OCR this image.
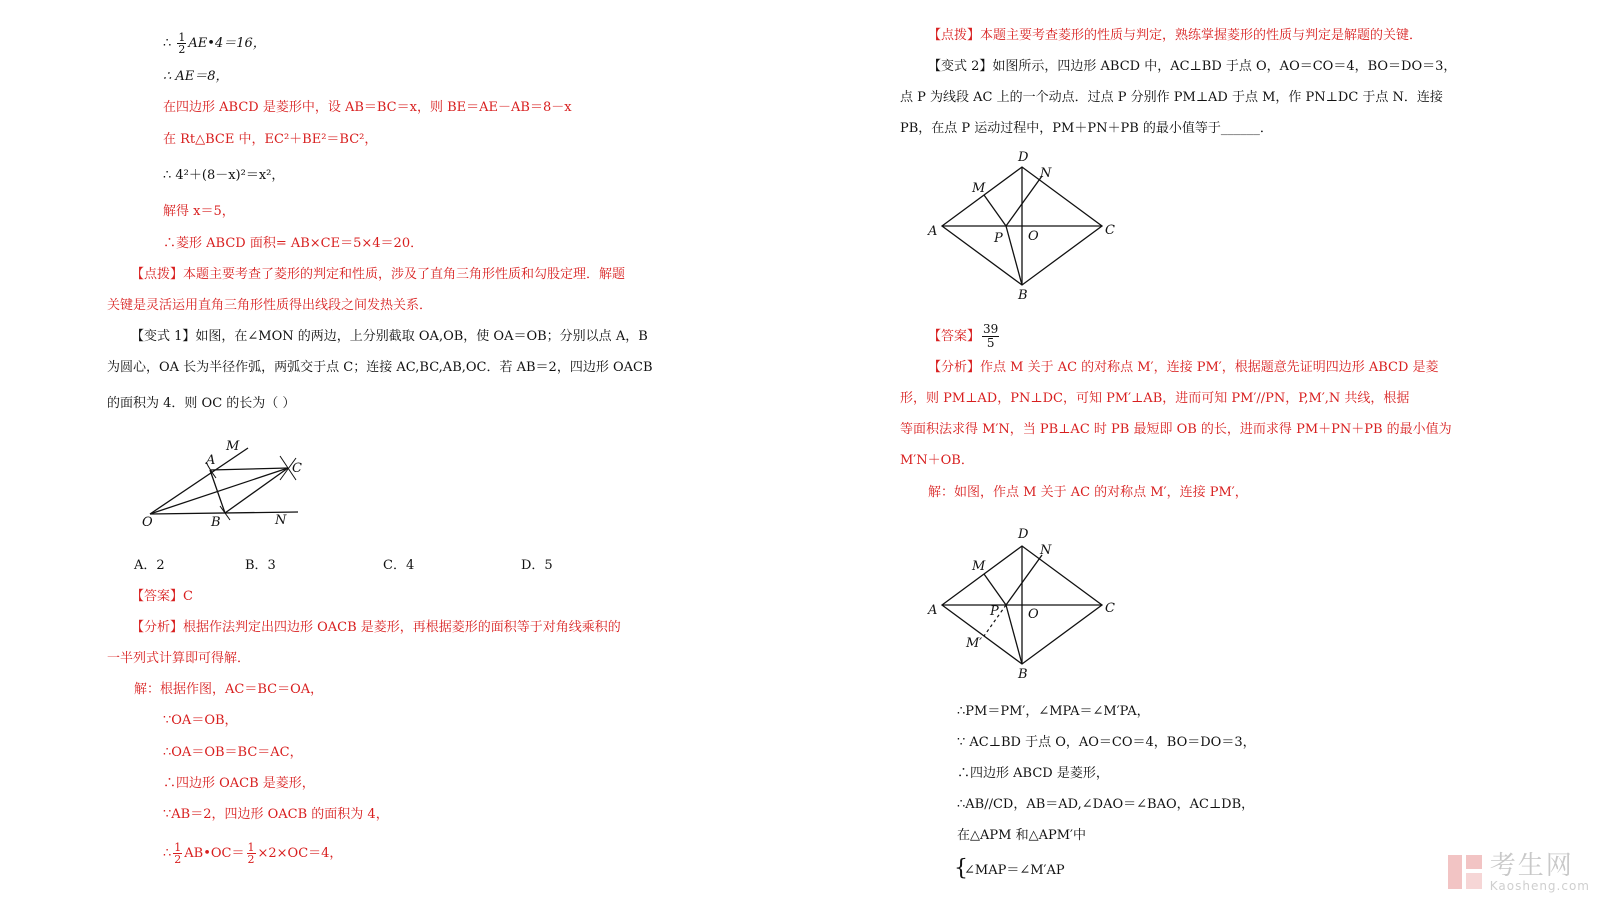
∴ $\frac{1}{2}$ AE•4＝16，
∴ AE＝8，
在四边形 ABCD 是菱形中，设 AB＝BC＝x，则 BE＝AE－AB＝8－x
在 Rt△BCE 中，EC²＋BE²＝BC²，
∴ 4²＋(8－x)²＝x²，
解得 x＝5，
∴菱形 ABCD 面积= AB×CE＝5×4＝20．
【点拨】本题主要考查了菱形的判定和性质，涉及了直角三角形性质和勾股定理．解题
关键是灵活运用直角三角形性质得出线段之间发热关系．
【变式 1】如图，在∠MON 的两边，上分别截取 OA,OB，使 OA＝OB；分别以点 A，B
为圆心，OA 长为半径作弧，两弧交于点 C；连接 AC,BC,AB,OC．若 AB＝2，四边形 OACB
的面积为 4．则 OC 的长为（ ）
M
A
C
O	B	N
A．2	B．3	C．4	D．5
【答案】C
【分析】根据作法判定出四边形 OACB 是菱形，再根据菱形的面积等于对角线乘积的
一半列式计算即可得解．
解：根据作图，AC＝BC＝OA，
∵OA＝OB，
∴OA＝OB＝BC＝AC，
∴四边形 OACB 是菱形，
∵AB＝2，四边形 OACB 的面积为 4，
∴ $\frac{1}{2}$ AB•OC＝ $\frac{1}{2} \times 2\times OC=4$，
【点拨】本题主要考查菱形的性质与判定，熟练掌握菱形的性质与判定是解题的关键．
【变式 2】如图所示，四边形 ABCD 中，AC⊥BD 于点 O，AO＝CO＝4，BO＝DO＝3，
点 P 为线段 AC 上的一个动点．过点 P 分别作 PM⊥AD 于点 M，作 PN⊥DC 于点 N．连接
PB，在点 P 运动过程中，PM＋PN＋PB 的最小值等于______．
D
N
M
A	P O	C
B
【答案】 $\frac{39}{5}$
【分析】作点 M 关于 AC 的对称点 M′，连接 PM′，根据题意先证明四边形 ABCD 是菱
形，则 PM⊥AD，PN⊥DC，可知 PM′⊥AB，进而可知 PM′//PN，P,M′,N 共线，根据
等面积法求得 M′N，当 PB⊥AC 时 PB 最短即 OB 的长，进而求得 PM＋PN＋PB 的最小值为
M′N＋OB．
解：如图，作点 M 关于 AC 的对称点 M′，连接 PM′，
D
N
M
A	P O	C
M′
B
∴PM＝PM′，∠MPA＝∠M′PA，
∵ AC⊥BD 于点 O，AO＝CO＝4，BO＝DO＝3，
∴四边形 ABCD 是菱形，
∴AB//CD，AB＝AD,∠DAO＝∠BAO，AC⊥DB，
在△APM 和△APM′中
{
∠MAP＝∠M′AP	考生网
Kaosheng.com
